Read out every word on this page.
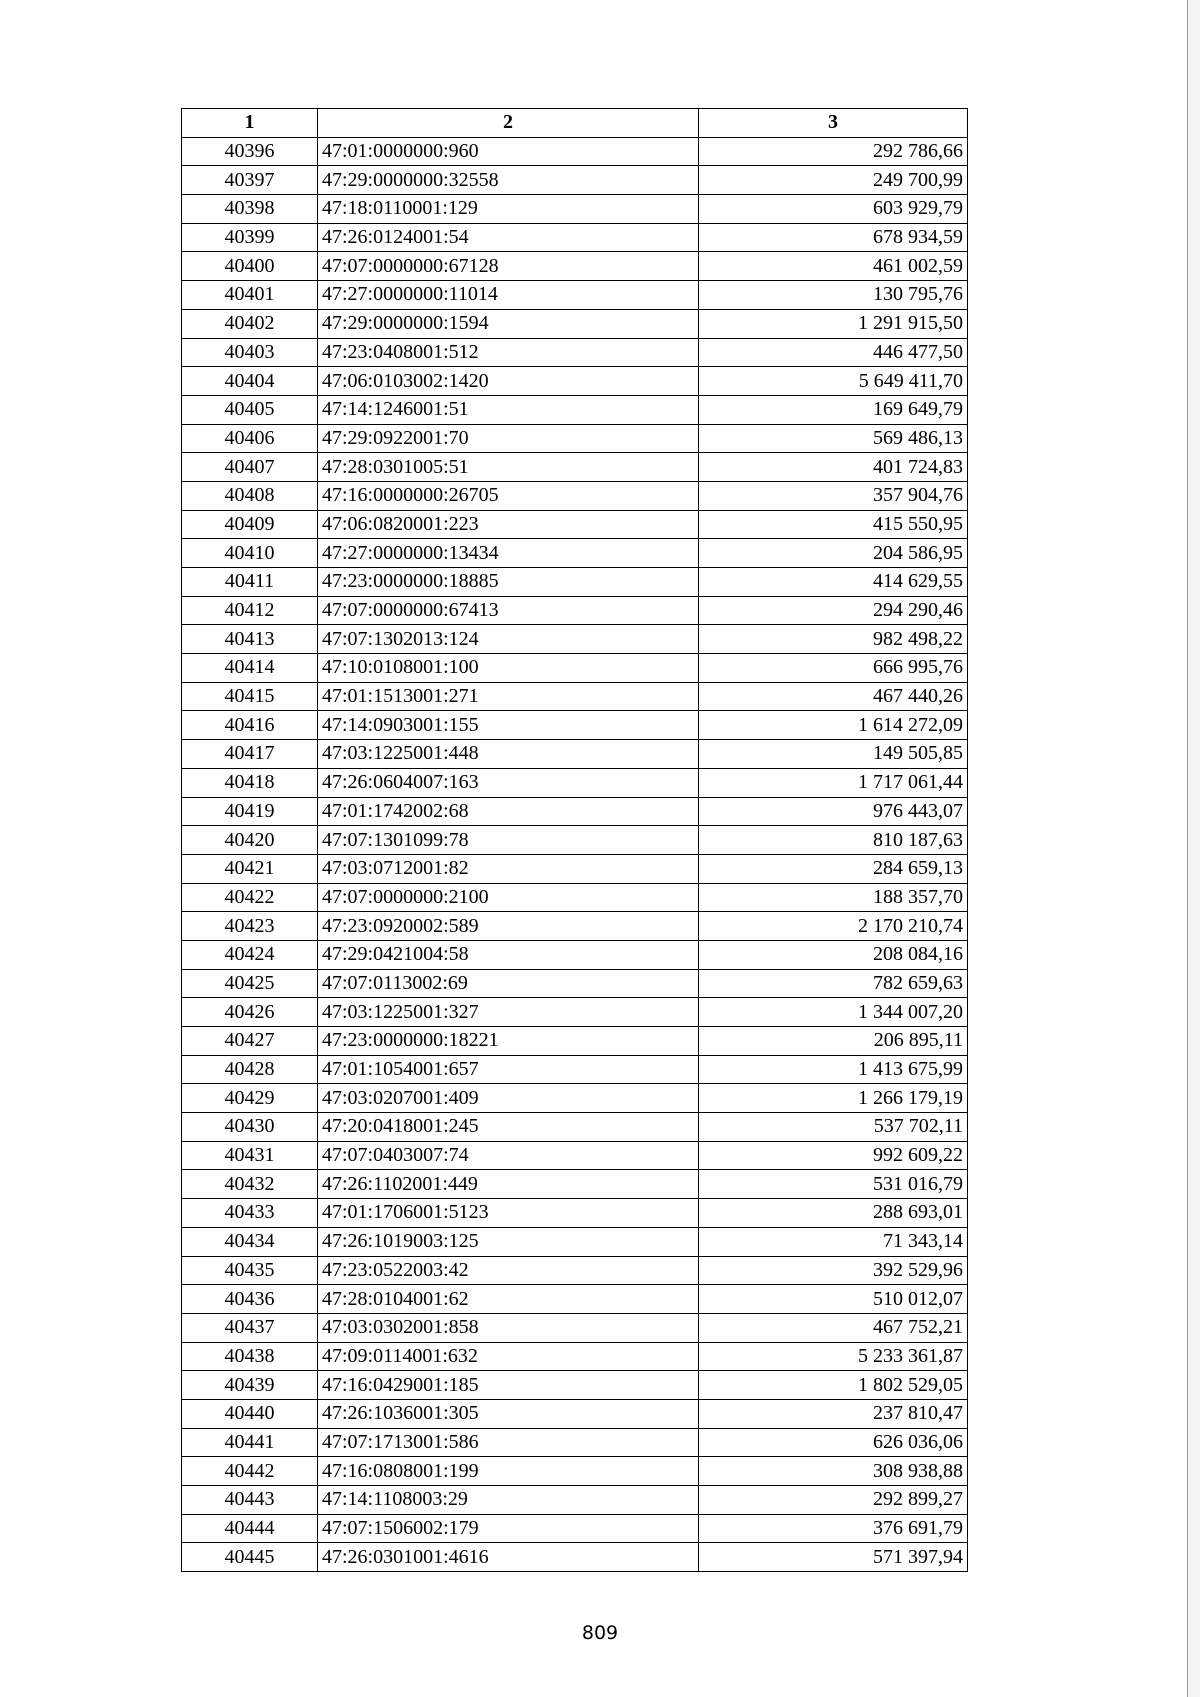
1	2	3
40396	47:01:0000000:960	292 786,66
40397	47:29:0000000:32558	249 700,99
40398	47:18:0110001:129	603 929,79
40399	47:26:0124001:54	678 934,59
40400	47:07:0000000:67128	461 002,59
40401	47:27:0000000:11014	130 795,76
40402	47:29:0000000:1594	1 291 915,50
40403	47:23:0408001:512	446 477,50
40404	47:06:0103002:1420	5 649 411,70
40405	47:14:1246001:51	169 649,79
40406	47:29:0922001:70	569 486,13
40407	47:28:0301005:51	401 724,83
40408	47:16:0000000:26705	357 904,76
40409	47:06:0820001:223	415 550,95
40410	47:27:0000000:13434	204 586,95
40411	47:23:0000000:18885	414 629,55
40412	47:07:0000000:67413	294 290,46
40413	47:07:1302013:124	982 498,22
40414	47:10:0108001:100	666 995,76
40415	47:01:1513001:271	467 440,26
40416	47:14:0903001:155	1 614 272,09
40417	47:03:1225001:448	149 505,85
40418	47:26:0604007:163	1 717 061,44
40419	47:01:1742002:68	976 443,07
40420	47:07:1301099:78	810 187,63
40421	47:03:0712001:82	284 659,13
40422	47:07:0000000:2100	188 357,70
40423	47:23:0920002:589	2 170 210,74
40424	47:29:0421004:58	208 084,16
40425	47:07:0113002:69	782 659,63
40426	47:03:1225001:327	1 344 007,20
40427	47:23:0000000:18221	206 895,11
40428	47:01:1054001:657	1 413 675,99
40429	47:03:0207001:409	1 266 179,19
40430	47:20:0418001:245	537 702,11
40431	47:07:0403007:74	992 609,22
40432	47:26:1102001:449	531 016,79
40433	47:01:1706001:5123	288 693,01
40434	47:26:1019003:125	71 343,14
40435	47:23:0522003:42	392 529,96
40436	47:28:0104001:62	510 012,07
40437	47:03:0302001:858	467 752,21
40438	47:09:0114001:632	5 233 361,87
40439	47:16:0429001:185	1 802 529,05
40440	47:26:1036001:305	237 810,47
40441	47:07:1713001:586	626 036,06
40442	47:16:0808001:199	308 938,88
40443	47:14:1108003:29	292 899,27
40444	47:07:1506002:179	376 691,79
40445	47:26:0301001:4616	571 397,94
809
